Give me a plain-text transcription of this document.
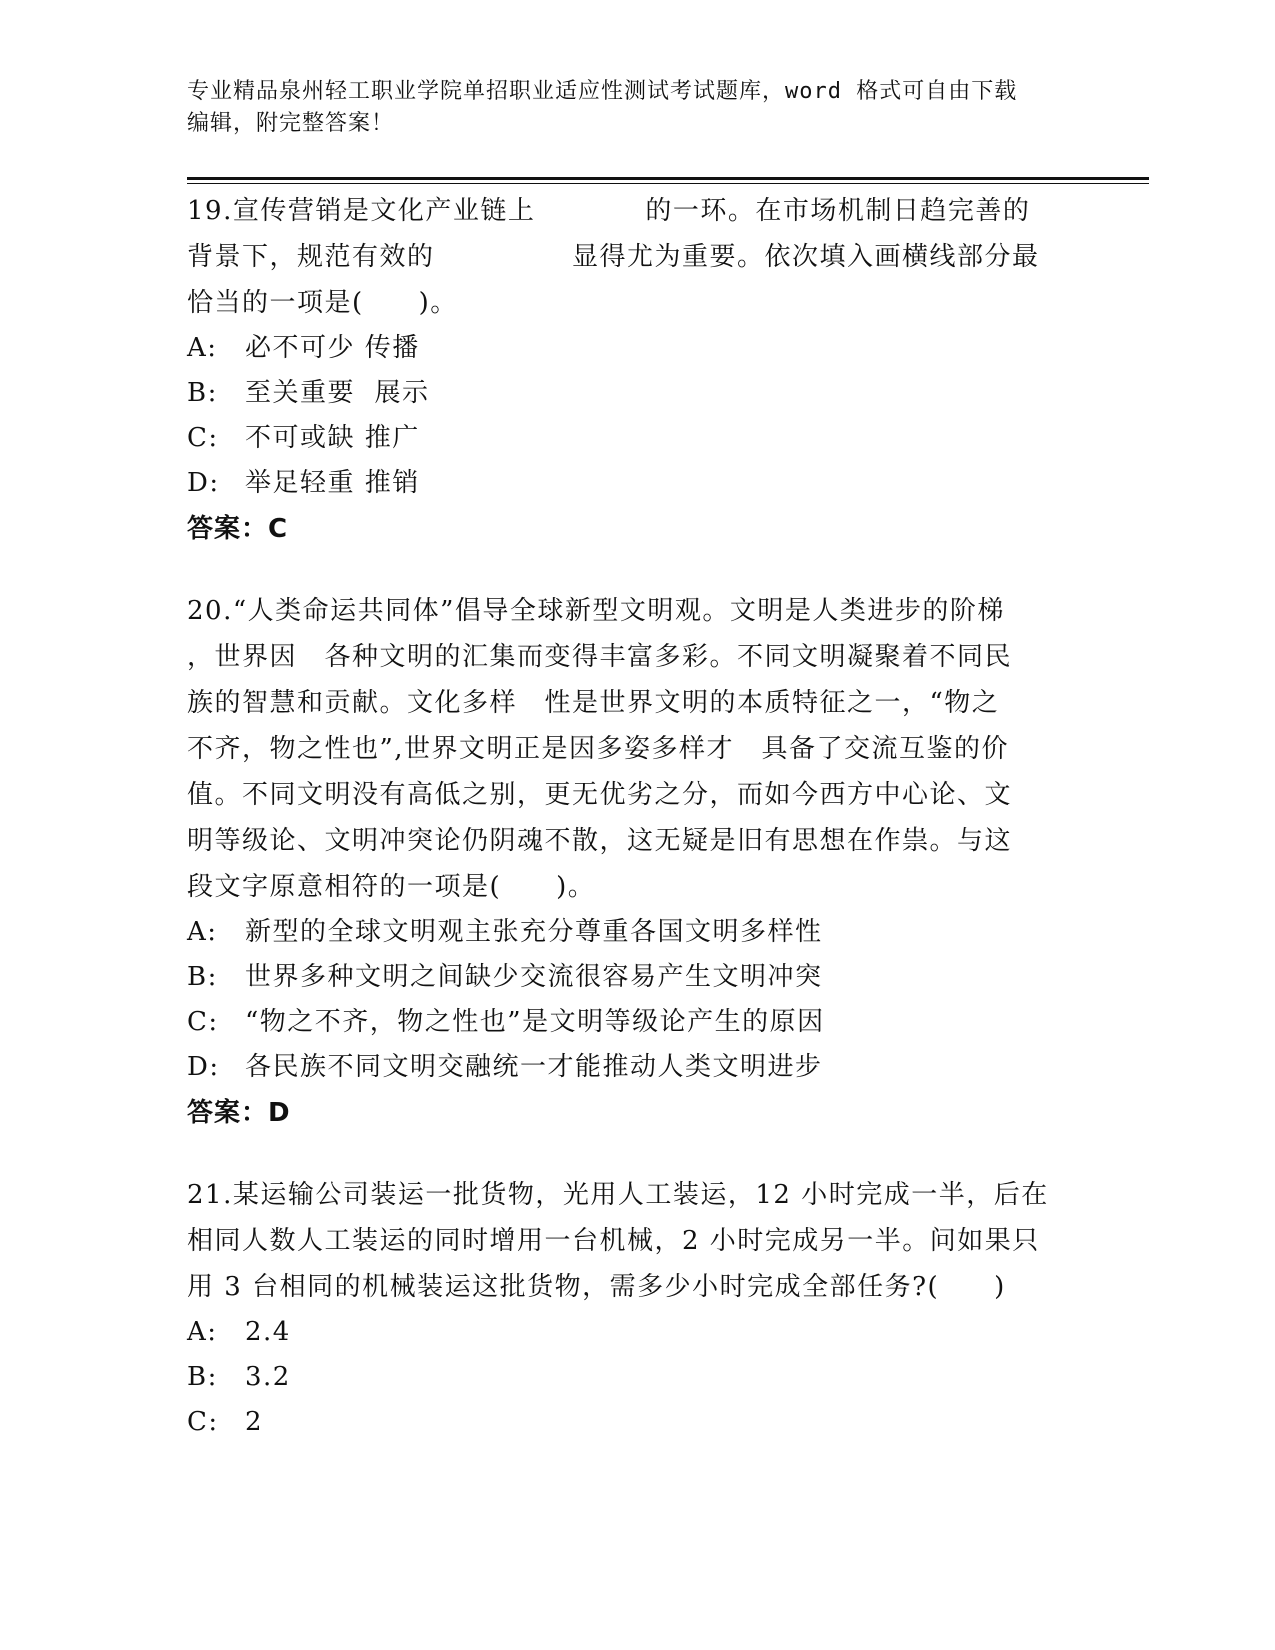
专业精品泉州轻工职业学院单招职业适应性测试考试题库，word 格式可自由下载
编辑，附完整答案！
19.宣传营销是文化产业链上　　　　的一环。在市场机制日趋完善的
背景下，规范有效的　　　　　显得尤为重要。依次填入画横线部分最
恰当的一项是(　　)。
A: 必不可少 传播
B: 至关重要  展示
C: 不可或缺 推广
D: 举足轻重 推销
答案：C
20.“人类命运共同体”倡导全球新型文明观。文明是人类进步的阶梯
，世界因　各种文明的汇集而变得丰富多彩。不同文明凝聚着不同民
族的智慧和贡献。文化多样　性是世界文明的本质特征之一，“物之
不齐，物之性也”,世界文明正是因多姿多样才　具备了交流互鉴的价
值。不同文明没有高低之别，更无优劣之分，而如今西方中心论、文
明等级论、文明冲突论仍阴魂不散，这无疑是旧有思想在作祟。与这
段文字原意相符的一项是(　　)。
A: 新型的全球文明观主张充分尊重各国文明多样性
B: 世界多种文明之间缺少交流很容易产生文明冲突
C: “物之不齐，物之性也”是文明等级论产生的原因
D: 各民族不同文明交融统一才能推动人类文明进步
答案：D
21.某运输公司装运一批货物，光用人工装运，12 小时完成一半，后在
相同人数人工装运的同时增用一台机械，2 小时完成另一半。问如果只
用 3 台相同的机械装运这批货物，需多少小时完成全部任务?(　　)
A: 2.4
B: 3.2
C: 2
